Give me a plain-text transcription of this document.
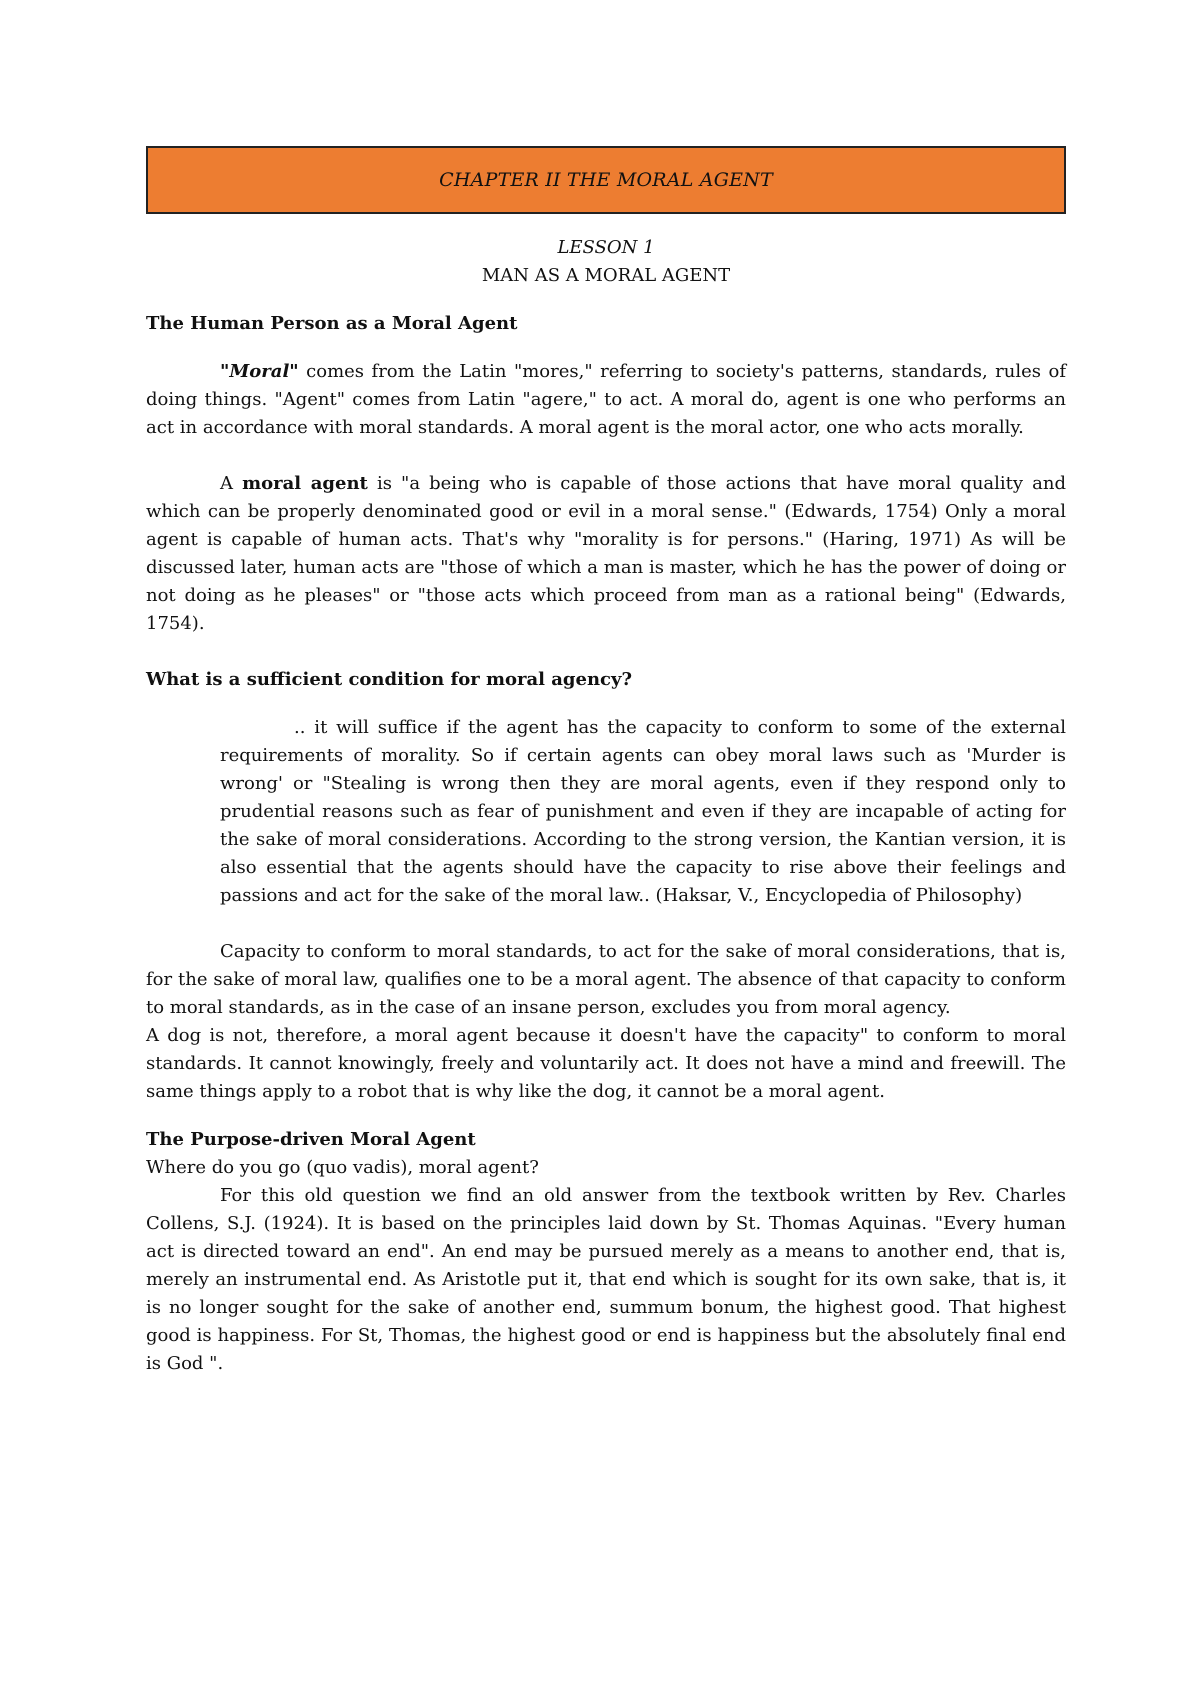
CHAPTER II THE MORAL AGENT
LESSON 1
MAN AS A MORAL AGENT
The Human Person as a Moral Agent

"Moral" comes from the Latin "mores," referring to society's patterns, standards, rules of doing things. "Agent" comes from Latin "agere," to act. A moral do, agent is one who performs an act in accordance with moral standards. A moral agent is the moral actor, one who acts morally.

A moral agent is "a being who is capable of those actions that have moral quality and which can be properly denominated good or evil in a moral sense." (Edwards, 1754) Only a moral agent is capable of human acts. That's why "morality is for persons." (Haring, 1971) As will be discussed later, human acts are "those of which a man is master, which he has the power of doing or not doing as he pleases" or "those acts which proceed from man as a rational being" (Edwards, 1754).

What is a sufficient condition for moral agency?

.. it will suffice if the agent has the capacity to conform to some of the external requirements of morality. So if certain agents can obey moral laws such as 'Murder is wrong' or "Stealing is wrong then they are moral agents, even if they respond only to prudential reasons such as fear of punishment and even if they are incapable of acting for the sake of moral considerations. According to the strong version, the Kantian version, it is also essential that the agents should have the capacity to rise above their feelings and passions and act for the sake of the moral law.. (Haksar, V., Encyclopedia of Philosophy)

Capacity to conform to moral standards, to act for the sake of moral considerations, that is, for the sake of moral law, qualifies one to be a moral agent. The absence of that capacity to conform to moral standards, as in the case of an insane person, excludes you from moral agency.

A dog is not, therefore, a moral agent because it doesn't have the capacity" to conform to moral standards. It cannot knowingly, freely and voluntarily act. It does not have a mind and freewill. The same things apply to a robot that is why like the dog, it cannot be a moral agent.

The Purpose-driven Moral Agent

Where do you go (quo vadis), moral agent?

For this old question we find an old answer from the textbook written by Rev. Charles Collens, S.J. (1924). It is based on the principles laid down by St. Thomas Aquinas. "Every human act is directed toward an end". An end may be pursued merely as a means to another end, that is, merely an instrumental end. As Aristotle put it, that end which is sought for its own sake, that is, it is no longer sought for the sake of another end, summum bonum, the highest good. That highest good is happiness. For St, Thomas, the highest good or end is happiness but the absolutely final end is God ".
